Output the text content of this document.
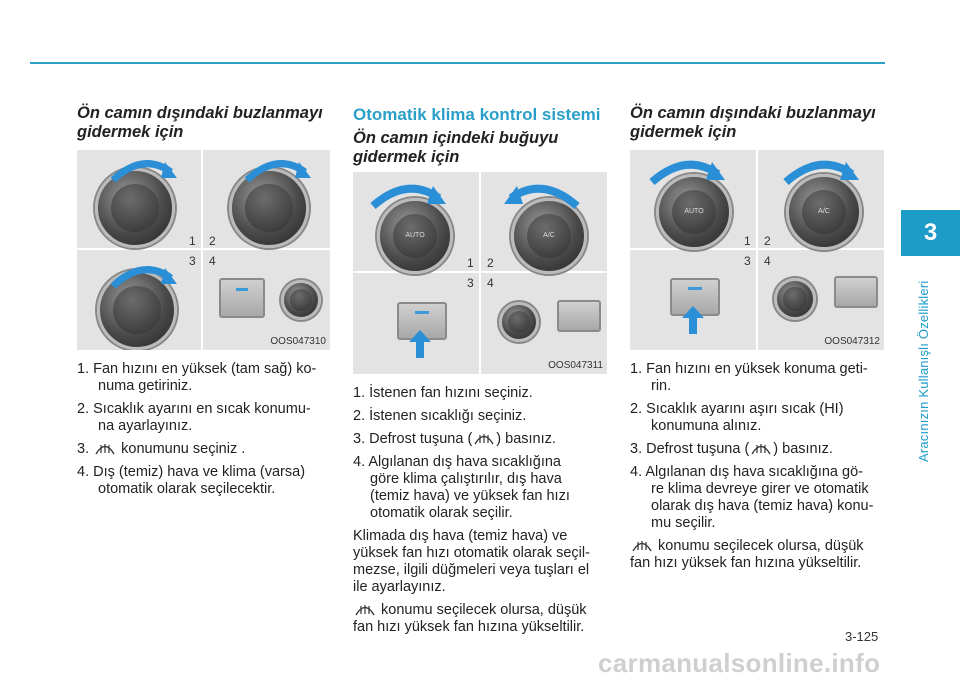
3
Aracınızın Kullanışlı Özellikleri
Ön camın dışındaki buzlanmayı
gidermek için
1 2
3 4
OOS047310
1. Fan hızını en yüksek (tam sağ) ko-
numa getiriniz.
2. Sıcaklık ayarını en sıcak konumu-
na ayarlayınız.
3. konumunu seçiniz .
4. Dış (temiz) hava ve klima (varsa)
otomatik olarak seçilecektir.
Otomatik klima kontrol sistemi
Ön camın içindeki buğuyu
gidermek için
1 2
3 4
AUTO	A/C
OOS047311
1. İstenen fan hızını seçiniz.
2. İstenen sıcaklığı seçiniz.
3. Defrost tuşuna ( ) basınız.
4. Algılanan dış hava sıcaklığına
göre klima çalıştırılır, dış hava
(temiz hava) ve yüksek fan hızı
otomatik olarak seçilir.
Klimada dış hava (temiz hava) ve
yüksek fan hızı otomatik olarak seçil-
mezse, ilgili düğmeleri veya tuşları el
ile ayarlayınız.
konumu seçilecek olursa, düşük
fan hızı yüksek fan hızına yükseltilir.
Ön camın dışındaki buzlanmayı
gidermek için
1 2
3 4
AUTO	A/C
OOS047312
1. Fan hızını en yüksek konuma geti-
rin.
2. Sıcaklık ayarını aşırı sıcak (HI)
konumuna alınız.
3. Defrost tuşuna ( ) basınız.
4. Algılanan dış hava sıcaklığına gö-
re klima devreye girer ve otomatik
olarak dış hava (temiz hava) konu-
mu seçilir.
konumu seçilecek olursa, düşük
fan hızı yüksek fan hızına yükseltilir.
3-125
carmanualsonline.info
